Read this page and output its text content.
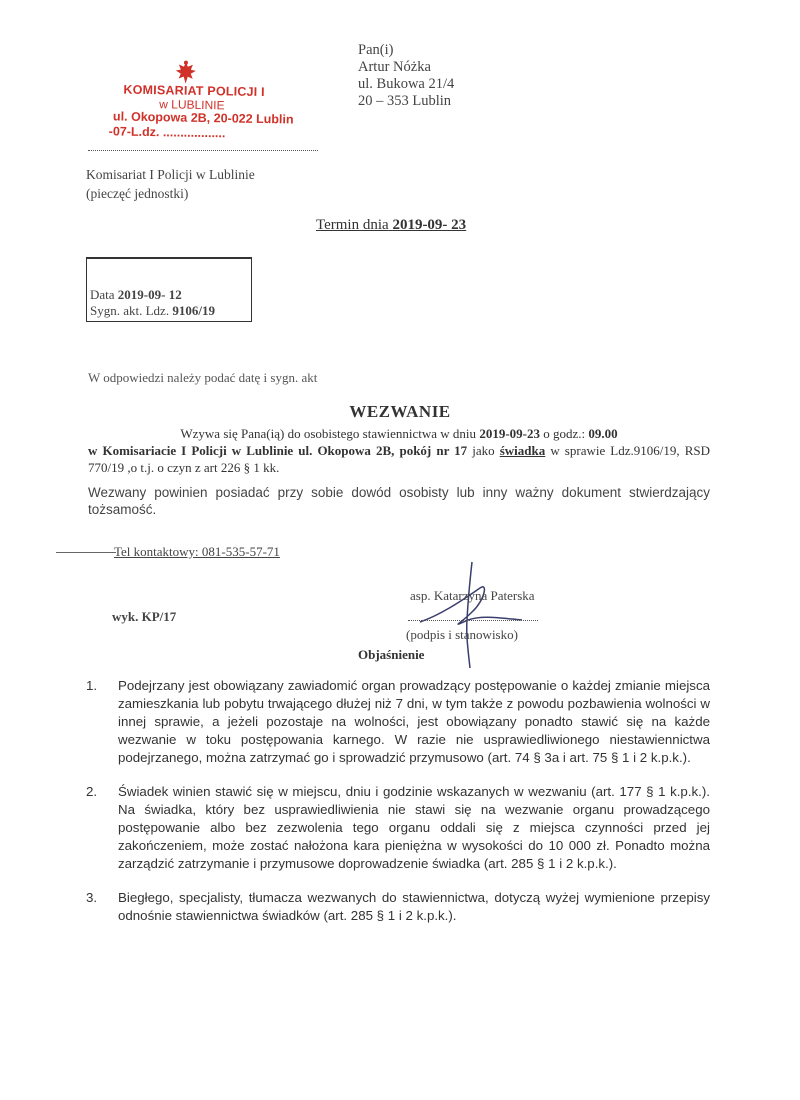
KOMISARIAT POLICJI I
w LUBLINIE
ul. Okopowa 2B, 20-022 Lublin
-07-L.dz. ..................
Pan(i)
Artur Nóżka
ul. Bukowa 21/4
20 – 353 Lublin
Komisariat I Policji w Lublinie
(pieczęć jednostki)
Termin dnia 2019-09- 23
Data 2019-09- 12
Sygn. akt. Ldz. 9106/19
W odpowiedzi należy podać datę i sygn. akt
WEZWANIE
Wzywa się Pana(ią) do osobistego stawiennictwa w dniu 2019-09-23 o godz.: 09.00
w Komisariacie I Policji w Lublinie ul. Okopowa 2B, pokój nr 17 jako świadka w sprawie Ldz.9106/19, RSD 770/19 ,o t.j. o czyn z art 226 § 1 kk.
Wezwany powinien posiadać przy sobie dowód osobisty lub inny ważny dokument stwierdzający tożsamość.
Tel kontaktowy: 081-535-57-71
wyk. KP/17
asp. Katarzyna Paterska
(podpis i stanowisko)
Objaśnienie
1.	Podejrzany jest obowiązany zawiadomić organ prowadzący postępowanie o każdej zmianie miejsca zamieszkania lub pobytu trwającego dłużej niż 7 dni, w tym także z powodu pozbawienia wolności w innej sprawie, a jeżeli pozostaje na wolności, jest obowiązany ponadto stawić się na każde wezwanie w toku postępowania karnego. W razie nie usprawiedliwionego niestawiennictwa podejrzanego, można zatrzymać go i sprowadzić przymusowo (art. 74 § 3a i art. 75 § 1 i 2 k.p.k.).
2.	Świadek winien stawić się w miejscu, dniu i godzinie wskazanych w wezwaniu (art. 177 § 1 k.p.k.). Na świadka, który bez usprawiedliwienia nie stawi się na wezwanie organu prowadzącego postępowanie albo bez zezwolenia tego organu oddali się z miejsca czynności przed jej zakończeniem, może zostać nałożona kara pieniężna w wysokości do 10 000 zł. Ponadto można zarządzić zatrzymanie i przymusowe doprowadzenie świadka (art. 285 § 1 i 2 k.p.k.).
3.	Biegłego, specjalisty, tłumacza wezwanych do stawiennictwa, dotyczą wyżej wymienione przepisy odnośnie stawiennictwa świadków (art. 285 § 1 i 2 k.p.k.).
